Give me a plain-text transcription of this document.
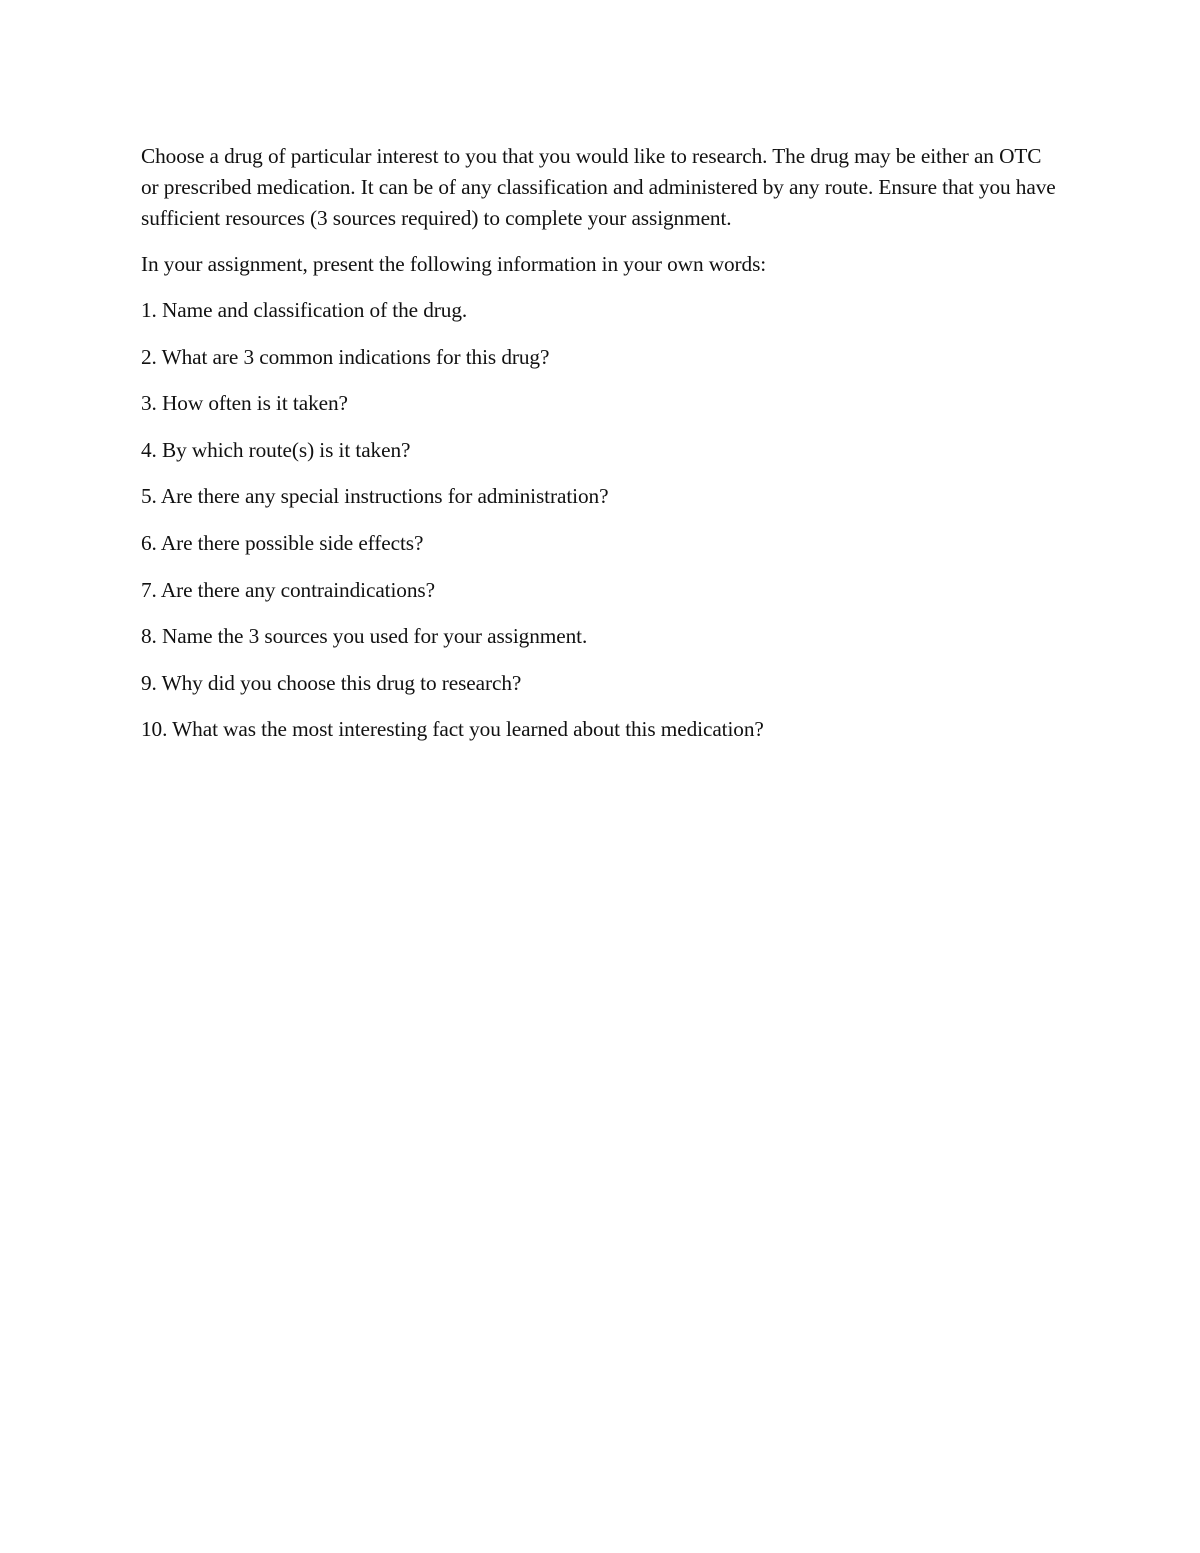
Choose a drug of particular interest to you that you would like to research. The drug may be either an OTC or prescribed medication. It can be of any classification and administered by any route. Ensure that you have sufficient resources (3 sources required) to complete your assignment.

In your assignment, present the following information in your own words:

1. Name and classification of the drug.
2. What are 3 common indications for this drug?
3. How often is it taken?
4. By which route(s) is it taken?
5. Are there any special instructions for administration?
6. Are there possible side effects?
7. Are there any contraindications?
8. Name the 3 sources you used for your assignment.
9. Why did you choose this drug to research?
10. What was the most interesting fact you learned about this medication?
